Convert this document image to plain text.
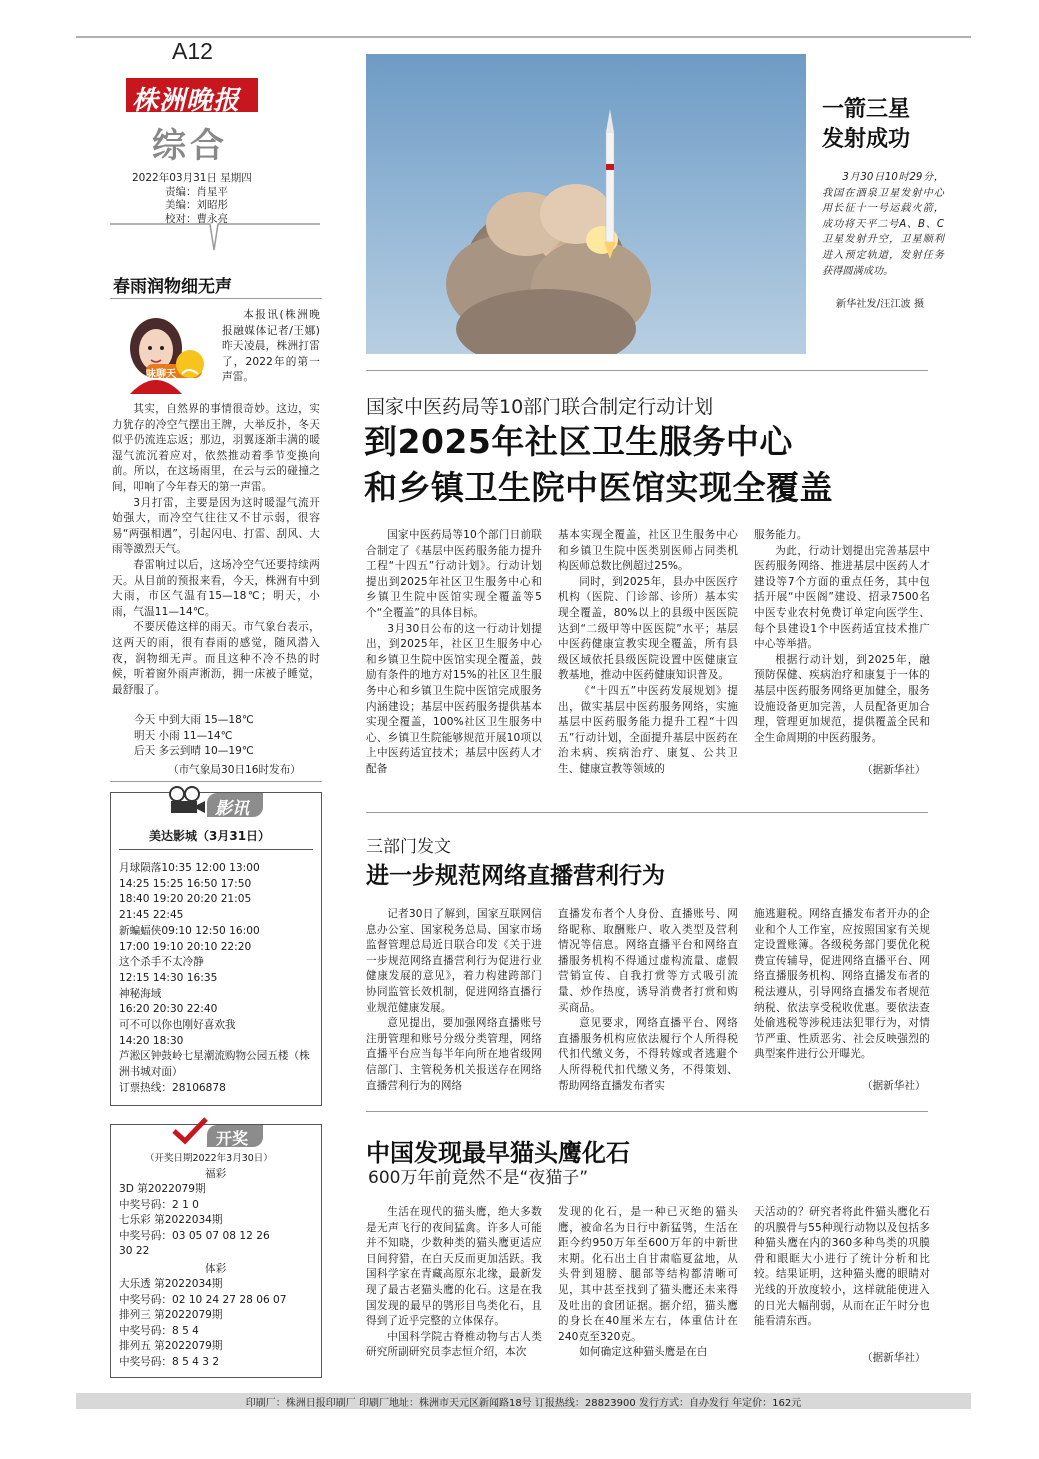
A12
株洲晚报
综合
2022年03月31日 星期四
责编：肖星平
美编：刘昭彤
校对：曹永亮
春雨润物细无声
味聊天

本报讯(株洲晚报融媒体记者/王娜)昨天凌晨，株洲打雷了，2022年的第一声雷。

其实，自然界的事情很奇妙。这边，实力犹存的冷空气摆出王牌，大举反扑，冬天似乎仍流连忘返；那边，羽翼逐渐丰满的暖湿气流沉着应对，依然推动着季节变换向前。所以，在这场雨里，在云与云的碰撞之间，叩响了今年春天的第一声雷。

3月打雷，主要是因为这时暖湿气流开始强大，而冷空气往往又不甘示弱，很容易“两强相遇”，引起闪电、打雷、刮风、大雨等激烈天气。

春雷响过以后，这场冷空气还要持续两天。从目前的预报来看，今天，株洲有中到大雨，市区气温有15—18℃；明天，小雨，气温11—14℃。

不要厌倦这样的雨天。市气象台表示，这两天的雨，很有春雨的感觉，随风潜入夜，润物细无声。而且这种不冷不热的时候，听着窗外雨声淅沥，拥一床被子睡觉，最舒服了。

今天 中到大雨 15—18℃
明天 小雨 11—14℃
后天 多云到晴 10—19℃
（市气象局30日16时发布）
影讯
美达影城（3月31日）
月球陨落10:35 12:00 13:00
14:25 15:25 16:50 17:50
18:40 19:20 20:20 21:05
21:45 22:45
新蝙蝠侠09:10 12:50 16:00
17:00 19:10 20:10 22:20
这个杀手不太冷静
12:15 14:30 16:35
神秘海域
16:20 20:30 22:40
可不可以你也刚好喜欢我
14:20 18:30
芦淞区钟鼓岭七星潮流购物公园五楼（株洲书城对面）
订票热线：28106878
开奖
（开奖日期2022年3月30日）
福彩
3D 第2022079期
中奖号码：2 1 0
七乐彩 第2022034期
中奖号码：03 05 07 08 12 26
30 22
体彩
大乐透 第2022034期
中奖号码：02 10 24 27 28 06 07
排列三 第2022079期
中奖号码：8 5 4
排列五 第2022079期
中奖号码：8 5 4 3 2
一箭三星
发射成功
3月30日10时29分，我国在酒泉卫星发射中心用长征十一号运载火箭，成功将天平二号A、B、C卫星发射升空，卫星顺利进入预定轨道，发射任务获得圆满成功。
新华社发/汪江波 摄
国家中医药局等10部门联合制定行动计划
到2025年社区卫生服务中心
和乡镇卫生院中医馆实现全覆盖

国家中医药局等10个部门日前联合制定了《基层中医药服务能力提升工程“十四五”行动计划》。行动计划提出到2025年社区卫生服务中心和乡镇卫生院中医馆实现全覆盖等5个“全覆盖”的具体目标。

3月30日公布的这一行动计划提出，到2025年，社区卫生服务中心和乡镇卫生院中医馆实现全覆盖，鼓励有条件的地方对15%的社区卫生服务中心和乡镇卫生院中医馆完成服务内涵建设；基层中医药服务提供基本实现全覆盖，100%社区卫生服务中心、乡镇卫生院能够规范开展10项以上中医药适宜技术；基层中医药人才配备

基本实现全覆盖，社区卫生服务中心和乡镇卫生院中医类别医师占同类机构医师总数比例超过25%。

同时，到2025年，县办中医医疗机构（医院、门诊部、诊所）基本实现全覆盖，80%以上的县级中医医院达到“二级甲等中医医院”水平；基层中医药健康宣教实现全覆盖，所有县级区域依托县级医院设置中医健康宣教基地，推动中医药健康知识普及。

《“十四五”中医药发展规划》提出，做实基层中医药服务网络，实施基层中医药服务能力提升工程“十四五”行动计划，全面提升基层中医药在治未病、疾病治疗、康复、公共卫生、健康宣教等领域的

服务能力。

为此，行动计划提出完善基层中医药服务网络、推进基层中医药人才建设等7个方面的重点任务，其中包括开展“中医阁”建设、招录7500名中医专业农村免费订单定向医学生、每个县建设1个中医药适宜技术推广中心等举措。

根据行动计划，到2025年，融预防保健、疾病治疗和康复于一体的基层中医药服务网络更加健全，服务设施设备更加完善，人员配备更加合理，管理更加规范，提供覆盖全民和全生命周期的中医药服务。

（据新华社）
三部门发文
进一步规范网络直播营利行为

记者30日了解到，国家互联网信息办公室、国家税务总局、国家市场监督管理总局近日联合印发《关于进一步规范网络直播营利行为促进行业健康发展的意见》，着力构建跨部门协同监管长效机制，促进网络直播行业规范健康发展。

意见提出，要加强网络直播账号注册管理和账号分级分类管理，网络直播平台应当每半年向所在地省级网信部门、主管税务机关报送存在网络直播营利行为的网络

直播发布者个人身份、直播账号、网络昵称、取酬账户、收入类型及营利情况等信息。网络直播平台和网络直播服务机构不得通过虚构流量、虚假营销宣传、自我打赏等方式吸引流量、炒作热度，诱导消费者打赏和购买商品。

意见要求，网络直播平台、网络直播服务机构应依法履行个人所得税代扣代缴义务，不得转嫁或者逃避个人所得税代扣代缴义务，不得策划、帮助网络直播发布者实

施逃避税。网络直播发布者开办的企业和个人工作室，应按照国家有关规定设置账簿。各级税务部门要优化税费宣传辅导，促进网络直播平台、网络直播服务机构、网络直播发布者的税法遵从，引导网络直播发布者规范纳税、依法享受税收优惠。要依法查处偷逃税等涉税违法犯罪行为，对情节严重、性质恶劣、社会反映强烈的典型案件进行公开曝光。

（据新华社）
中国发现最早猫头鹰化石
600万年前竟然不是“夜猫子”

生活在现代的猫头鹰，绝大多数是无声飞行的夜间猛禽。许多人可能并不知晓，少数种类的猫头鹰更适应日间狩猎，在白天反而更加活跃。我国科学家在青藏高原东北缘，最新发现了最古老猫头鹰的化石。这是在我国发现的最早的鸮形目鸟类化石，且得到了近乎完整的立体保存。

中国科学院古脊椎动物与古人类研究所副研究员李志恒介绍，本次

发现的化石，是一种已灭绝的猫头鹰，被命名为日行中新猛鸮，生活在距今约950万年至600万年的中新世末期。化石出土自甘肃临夏盆地，从头骨到翅膀、腿部等结构都清晰可见，其中甚至找到了猫头鹰还未来得及吐出的食团证据。据介绍，猫头鹰的身长在40厘米左右，体重估计在240克至320克。

如何确定这种猫头鹰是在白

天活动的？研究者将此件猫头鹰化石的巩膜骨与55种现行动物以及包括多种猫头鹰在内的360多种鸟类的巩膜骨和眼眶大小进行了统计分析和比较。结果证明，这种猫头鹰的眼睛对光线的开放度较小，这样就能使进入的日光大幅削弱，从而在正午时分也能看清东西。

（据新华社）
印刷厂：株洲日报印刷厂 印刷厂地址：株洲市天元区新闻路18号 订报热线：28823900 发行方式：自办发行 年定价：162元
